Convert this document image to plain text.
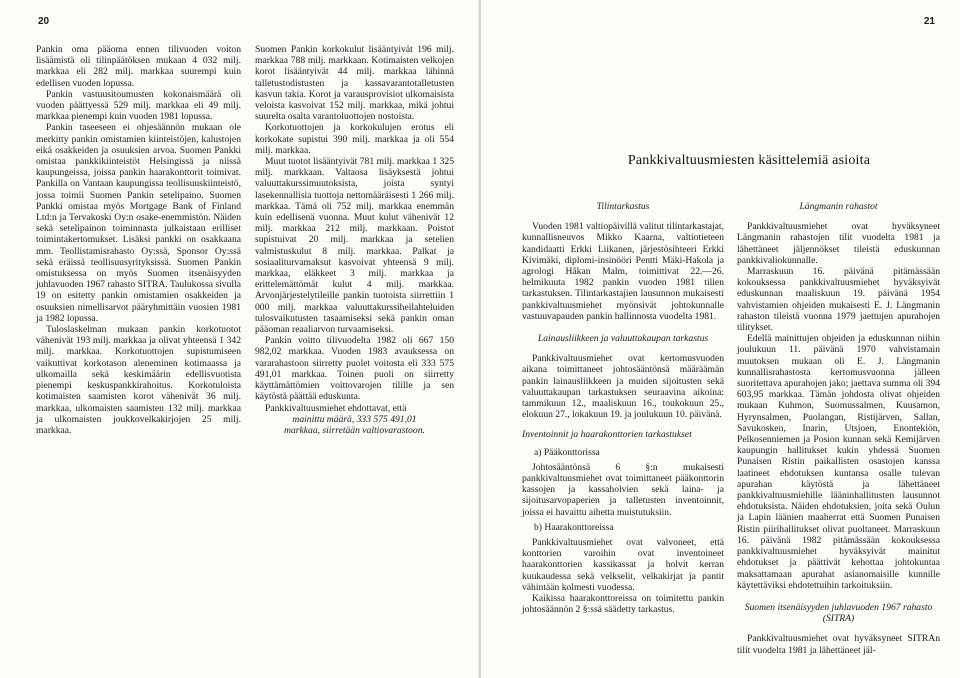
20

Pankin oma pääoma ennen tilivuoden voiton lisäämistä oli tilinpäätöksen mukaan 4 032 milj. markkaa eli 282 milj. markkaa suurempi kuin edellisen vuoden lopussa.

Pankin vastuusitoumusten kokonaismäärä oli vuoden päättyessä 529 milj. markkaa eli 49 milj. markkaa pienempi kuin vuoden 1981 lopussa.

Pankin taseeseen ei ohjesäännön mukaan ole merkitty pankin omistamien kiinteistöjen, kalustojen eikä osakkeiden ja osuuksien arvoa. Suomen Pankki omistaa pankkikiinteistöt Helsingissä ja niissä kaupungeissa, joissa pankin haarakonttorit toimivat. Pankilla on Vantaan kaupungissa teollisuuskiinteistö, jossa toimii Suomen Pankin setelipaino. Suomen Pankki omistaa myös Mortgage Bank of Finland Ltd:n ja Tervakoski Oy:n osake-enemmistön. Näiden sekä setelipainon toiminnasta julkaistaan erilliset toimintakertomukset. Lisäksi pankki on osakkaana mm. Teollistamisrahasto Oy:ssä, Sponsor Oy:ssä sekä eräissä teollisuusyrityksissä. Suomen Pankin omistuksessa on myös Suomen itsenäisyyden juhlavuoden 1967 rahasto SITRA. Taulukossa sivulla 19 on esitetty pankin omistamien osakkeiden ja osuuksien nimellisarvot pääryhmittäin vuosien 1981 ja 1982 lopussa.

Tuloslaskelman mukaan pankin korkotuotot vähenivät 193 milj. markkaa ja olivat yhteensä 1 342 milj. markkaa. Korkotuottojen supistumiseen vaikuttivat korkotason aleneminen kotimaassa ja ulkomailla sekä keskimäärin edellisvuotista pienempi keskuspankkirahoitus. Korkotuloista kotimaisten saamisten korot vähenivät 36 milj. markkaa, ulkomaisten saamisten 132 milj. markkaa ja ulkomaisten joukkovelkakirjojen 25 milj. markkaa.

Suomen Pankin korkokulut lisääntyivät 196 milj. markkaa 788 milj. markkaan. Kotimaisten velkojen korot lisääntyivät 44 milj. markkaa lähinnä talletustodistusten ja kassavarantotalletusten kasvun takia. Korot ja varausprovisiot ulkomaisista veloista kasvoivat 152 milj. markkaa, mikä johtui suurelta osalta varantoluottojen nostoista.

Korkotuottojen ja korkokulujen erotus eli korkokate supistui 390 milj. markkaa ja oli 554 milj. markkaa.

Muut tuotot lisääntyivät 781 milj. markkaa 1 325 milj. markkaan. Valtaosa lisäyksestä johtui valuuttakurssimuutoksista, joista syntyi lasekennallisia tuottoja nettomääräisesti 1 266 milj. markkaa. Tämä oli 752 milj. markkaa enemmän kuin edellisenä vuonna. Muut kulut vähenivät 12 milj. markkaa 212 milj. markkaan. Poistot supistuivat 20 milj. markkaa ja setelien valmistuskulut 8 milj. markkaa. Palkat ja sosiaaliturvamaksut kasvoivat yhteensä 9 milj. markkaa, eläkkeet 3 milj. markkaa ja erittelemättömät kulut 4 milj. markkaa. Arvonjärjestelytileille pankin tuotoista siirrettiin 1 000 milj. markkaa valuuttakurssiheilahteluiden tulosvaikutusten tasaamiseksi sekä pankin oman pääoman reaaliarvon turvaamiseksi.

Pankin voitto tilivuodelta 1982 oli 667 150 982,02 markkaa. Vuoden 1983 avauksessa on vararahastoon siirretty puolet voitosta eli 333 575 491,01 markkaa. Toinen puoli on siirretty käyttämättömien voittovarojen tilille ja sen käytöstä päättää eduskunta.

Pankkivaltuusmiehet ehdottavat, että

mainittu määrä, 333 575 491,01

markkaa, siirretään valtiovarastoon.

21
Pankkivaltuusmiesten käsittelemiä asioita

Tilintarkastus

Vuoden 1981 valtiopäivillä valitut tilintarkastajat, kunnallisneuvos Mikko Kaarna, valtiotieteen kandidaatti Erkki Liikanen, järjestösihteeri Erkki Kivimäki, diplomi-insinööri Pentti Mäki-Hakola ja agrologi Håkan Malm, toimittivat 22.—26. helmikuuta 1982 pankin vuoden 1981 tilien tarkastuksen. Tilintarkastajien lausunnon mukaisesti pankkivaltuusmiehet myönsivät johtokunnalle vastuuvapauden pankin hallinnosta vuodelta 1981.

Lainausliikkeen ja valuuttakaupan tarkastus

Pankkivaltuusmiehet ovat kertomusvuoden aikana toimittaneet johtosääntönsä määräämän pankin lainausliikkeen ja muiden sijoitusten sekä valuuttakaupan tarkastuksen seuraavina aikoina: tammikuun 12., maaliskuun 16., toukokuun 25., elokuun 27., lokakuun 19. ja joulukuun 10. päivänä.

Inventoinnit ja haarakonttorien tarkastukset

a) Pääkonttorissa

Johtosääntönsä 6 §:n mukaisesti pankkivaltuusmiehet ovat toimittaneet pääkonttorin kassojen ja kassaholvien sekä laina- ja sijoitusarvopaperien ja talletusten inventoinnit, joissa ei havaittu aihetta muistutuksiin.

b) Haarakonttoreissa

Pankkivaltuusmiehet ovat valvoneet, että konttorien varoihin ovat inventoineet haarakonttorien kassikassat ja holvit kerran kuukaudessa sekä velkselit, velkakirjat ja pantit vähintään kolmesti vuodessa.

Kaikissa haarakonttoreissa on toimitettu pankin johtosäännön 2 §:ssä säädetty tarkastus.

Längmanin rahastot

Pankkivaltuusmiehet ovat hyväksyneet Längmanin rahastojen tilit vuodelta 1981 ja lähettäneet jäljennökset tileistä eduskunnan pankkivaliokunnalle.

Marraskuun 16. päivänä pitämässään kokouksessa pankkivaltuusmiehet hyväksyivät eduskunnan maaliskuun 19. päivänä 1954 vahvistamien ohjeiden mukaisesti E. J. Längmanin rahaston tileistä vuonna 1979 jaettujen apurahojen tilitykset.

Edellä mainittujen ohjeiden ja eduskunnan niihin joulukuun 11. päivänä 1970 vahvistamain muutoksen mukaan oli E. J. Längmanin kunnallisrahastosta kertomusvuonna jälleen suoritettava apurahojen jako; jaettava summa oli 394 603,95 markkaa. Tämän johdosta olivat ohjeiden mukaan Kuhmon, Suomussalmen, Kuusamon, Hyrynsalmen, Puolangan, Ristijärven, Sallan, Savukosken, Inarin, Utsjoen, Enontekiön, Pelkosenniemen ja Posion kunnan sekä Kemijärven kaupungin hallitukset kukin yhdessä Suomen Punaisen Ristin paikallisten osastojen kanssa laatineet ehdotuksen kuntansa osalle tulevan apurahan käytöstä ja lähettäneet pankkivaltuusmiehille lääninhallitusten lausunnot ehdotuksista. Näiden ehdotuksien, joita sekä Oulun ja Lapin läänien maaherrat että Suomen Punaisen Ristin piirihallitukset olivat puoltaneet. Marraskuun 16. päivänä 1982 pitämässään kokouksessa pankkivaltuusmiehet hyväksyivät mainitut ehdotukset ja päättivät kehottaa johtokuntaa maksattamaan apurahat asianomaisille kunnille käytettäviksi ehdotettuihin tarkoituksiin.

Suomen itsenäisyyden juhlavuoden 1967 rahasto (SITRA)

Pankkivaltuusmiehet ovat hyväksyneet SITRAn tilit vuodelta 1981 ja lähettäneet jäl-
